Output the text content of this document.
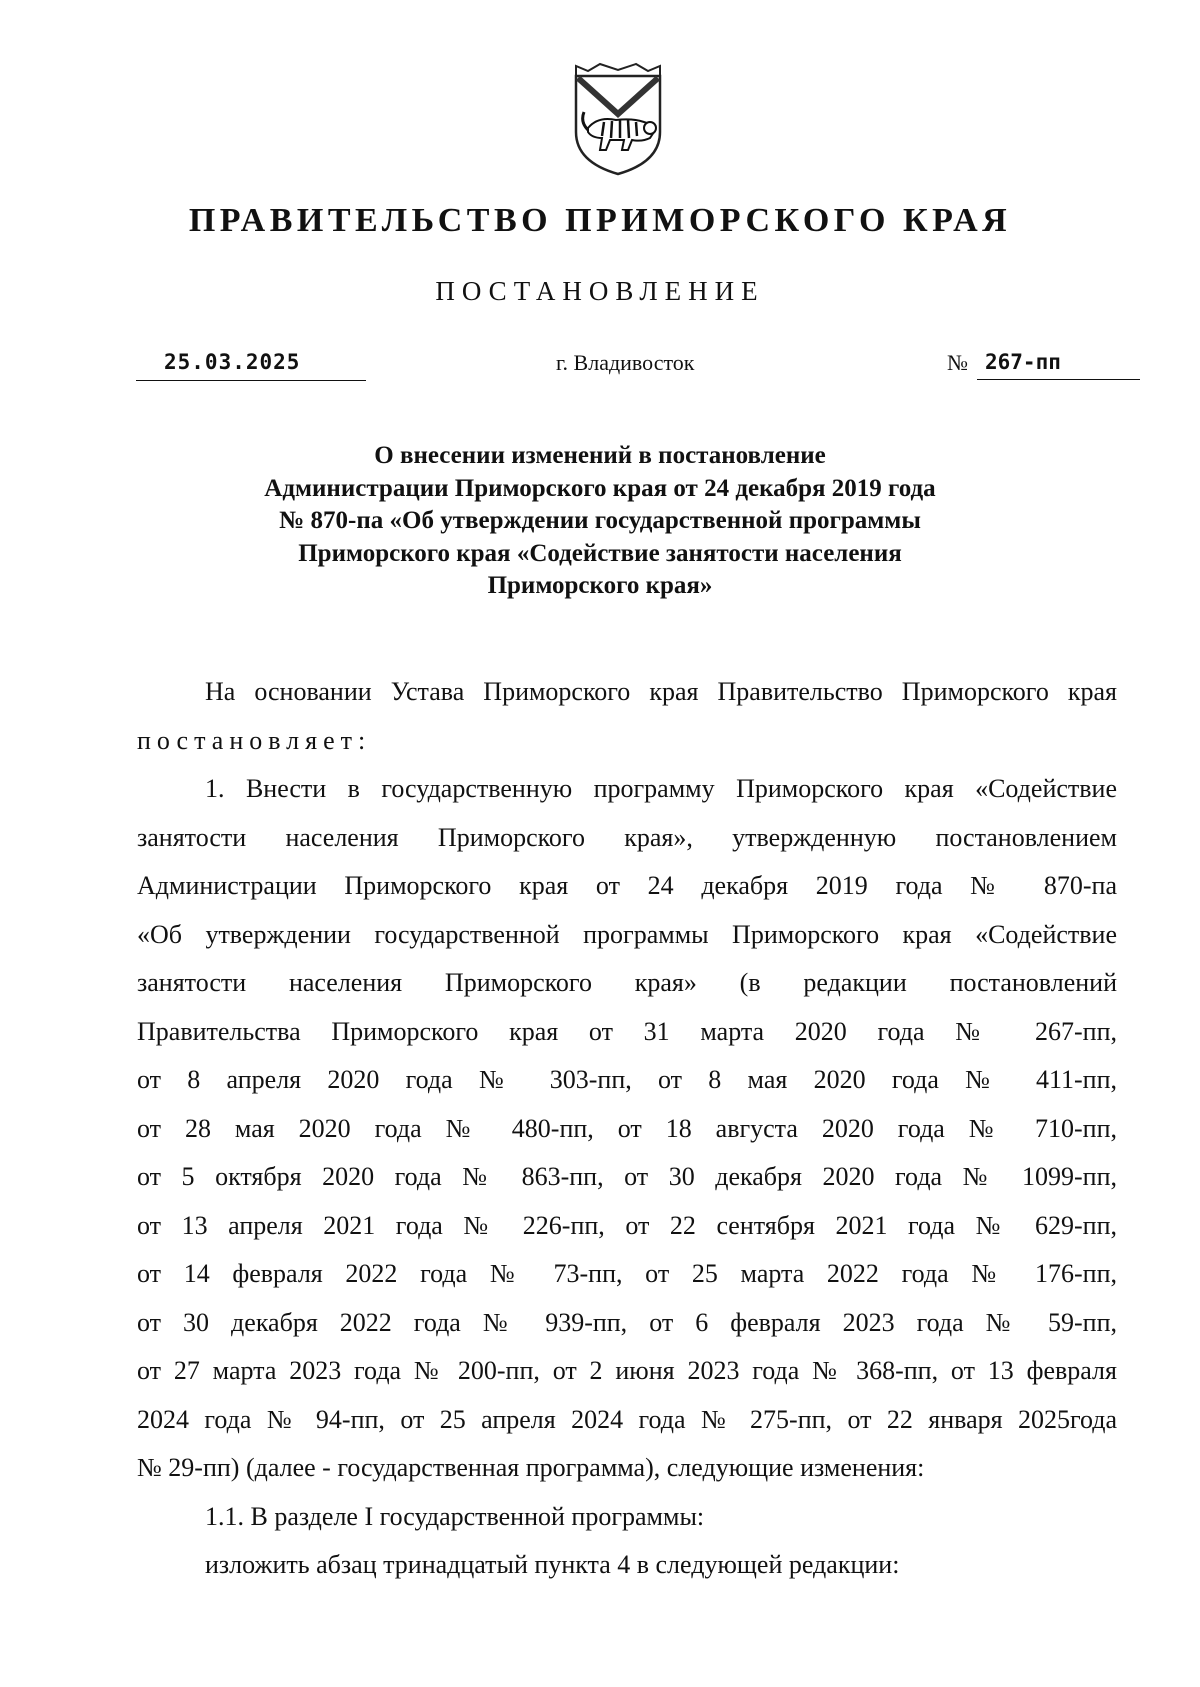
ПРАВИТЕЛЬСТВО ПРИМОРСКОГО КРАЯ
ПОСТАНОВЛЕНИЕ
25.03.2025	г. Владивосток	№ 267-пп
О внесении изменений в постановление
Администрации Приморского края от 24 декабря 2019 года
№ 870-па «Об утверждении государственной программы
Приморского края «Содействие занятости населения
Приморского края»
На основании Устава Приморского края Правительство Приморского края
постановляет:
1. Внести в государственную программу Приморского края «Содействие
занятости населения Приморского края», утвержденную постановлением
Администрации Приморского края от 24 декабря 2019 года № 870-па
«Об утверждении государственной программы Приморского края «Содействие
занятости населения Приморского края» (в редакции постановлений
Правительства Приморского края от 31 марта 2020 года № 267-пп,
от 8 апреля 2020 года № 303-пп, от 8 мая 2020 года № 411-пп,
от 28 мая 2020 года № 480-пп, от 18 августа 2020 года № 710-пп,
от 5 октября 2020 года № 863-пп, от 30 декабря 2020 года № 1099-пп,
от 13 апреля 2021 года № 226-пп, от 22 сентября 2021 года № 629-пп,
от 14 февраля 2022 года № 73-пп, от 25 марта 2022 года № 176-пп,
от 30 декабря 2022 года № 939-пп, от 6 февраля 2023 года № 59-пп,
от 27 марта 2023 года № 200-пп, от 2 июня 2023 года № 368-пп, от 13 февраля
2024 года № 94-пп, от 25 апреля 2024 года № 275-пп, от 22 января 2025года
№ 29-пп) (далее - государственная программа), следующие изменения:
1.1. В разделе I государственной программы:
изложить абзац тринадцатый пункта 4 в следующей редакции:
